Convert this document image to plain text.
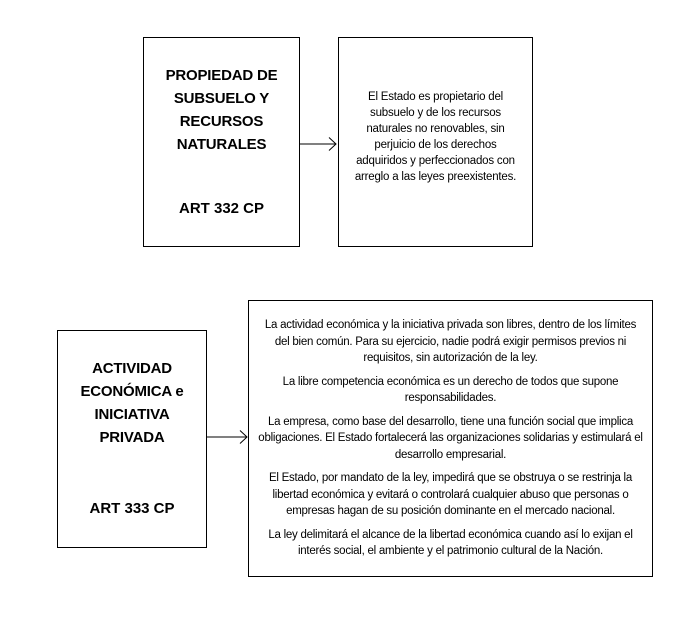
PROPIEDAD DE
SUBSUELO Y
RECURSOS
NATURALES
ART 332 CP
El Estado es propietario del
subsuelo y de los recursos
naturales no renovables, sin
perjuicio de los derechos
adquiridos y perfeccionados con
arreglo a las leyes preexistentes.
ACTIVIDAD
ECONÓMICA e
INICIATIVA
PRIVADA
ART 333 CP
La actividad económica y la iniciativa privada son libres, dentro de los límites
del bien común. Para su ejercicio, nadie podrá exigir permisos previos ni
requisitos, sin autorización de la ley.
La libre competencia económica es un derecho de todos que supone
responsabilidades.
La empresa, como base del desarrollo, tiene una función social que implica
obligaciones. El Estado fortalecerá las organizaciones solidarias y estimulará el
desarrollo empresarial.
El Estado, por mandato de la ley, impedirá que se obstruya o se restrinja la
libertad económica y evitará o controlará cualquier abuso que personas o
empresas hagan de su posición dominante en el mercado nacional.
La ley delimitará el alcance de la libertad económica cuando así lo exijan el
interés social, el ambiente y el patrimonio cultural de la Nación.
